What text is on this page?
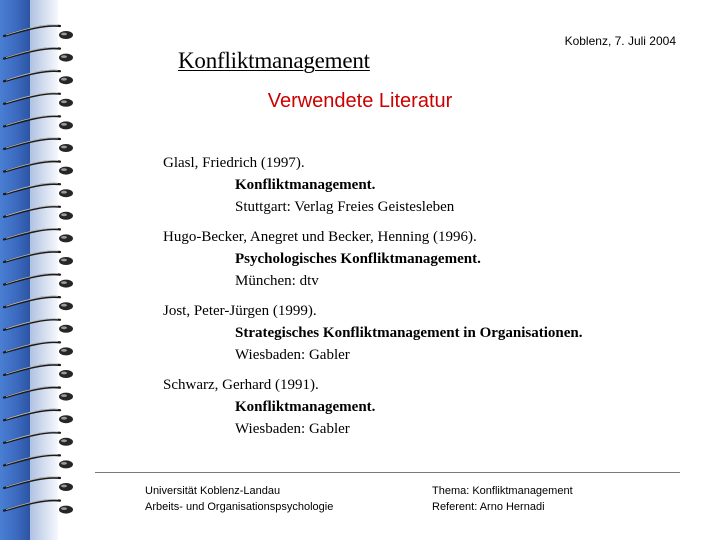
Koblenz, 7. Juli 2004
Konfliktmanagement
Verwendete Literatur
Glasl, Friedrich (1997).
Konfliktmanagement.
Stuttgart: Verlag Freies Geistesleben
Hugo-Becker, Anegret und Becker, Henning (1996).
Psychologisches Konfliktmanagement.
München: dtv
Jost, Peter-Jürgen (1999).
Strategisches Konfliktmanagement in Organisationen.
Wiesbaden: Gabler
Schwarz, Gerhard (1991).
Konfliktmanagement.
Wiesbaden: Gabler
Universität Koblenz-Landau
Arbeits- und Organisationspsychologie
Thema: Konfliktmanagement
Referent: Arno Hernadi
